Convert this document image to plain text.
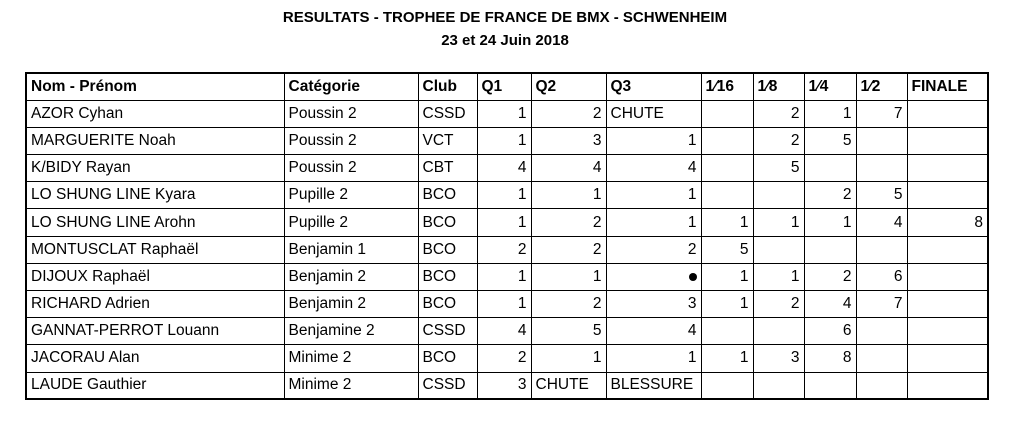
RESULTATS - TROPHEE DE FRANCE DE BMX - SCHWENHEIM
23 et 24 Juin 2018
Nom - Prénom	Catégorie	Club	Q1	Q2	Q3	1⁄16	1⁄8	1⁄4	1⁄2	FINALE
AZOR Cyhan	Poussin 2	CSSD	1	2	CHUTE		2	1	7	
MARGUERITE Noah	Poussin 2	VCT	1	3	1		2	5		
K/BIDY Rayan	Poussin 2	CBT	4	4	4		5			
LO SHUNG LINE Kyara	Pupille 2	BCO	1	1	1			2	5	
LO SHUNG LINE Arohn	Pupille 2	BCO	1	2	1	1	1	1	4	8
MONTUSCLAT Raphaël	Benjamin 1	BCO	2	2	2	5				
DIJOUX Raphaël	Benjamin 2	BCO	1	1		1	1	2	6	
RICHARD Adrien	Benjamin 2	BCO	1	2	3	1	2	4	7	
GANNAT-PERROT Louann	Benjamine 2	CSSD	4	5	4			6		
JACORAU Alan	Minime 2	BCO	2	1	1	1	3	8		
LAUDE Gauthier	Minime 2	CSSD	3	CHUTE	BLESSURE					
